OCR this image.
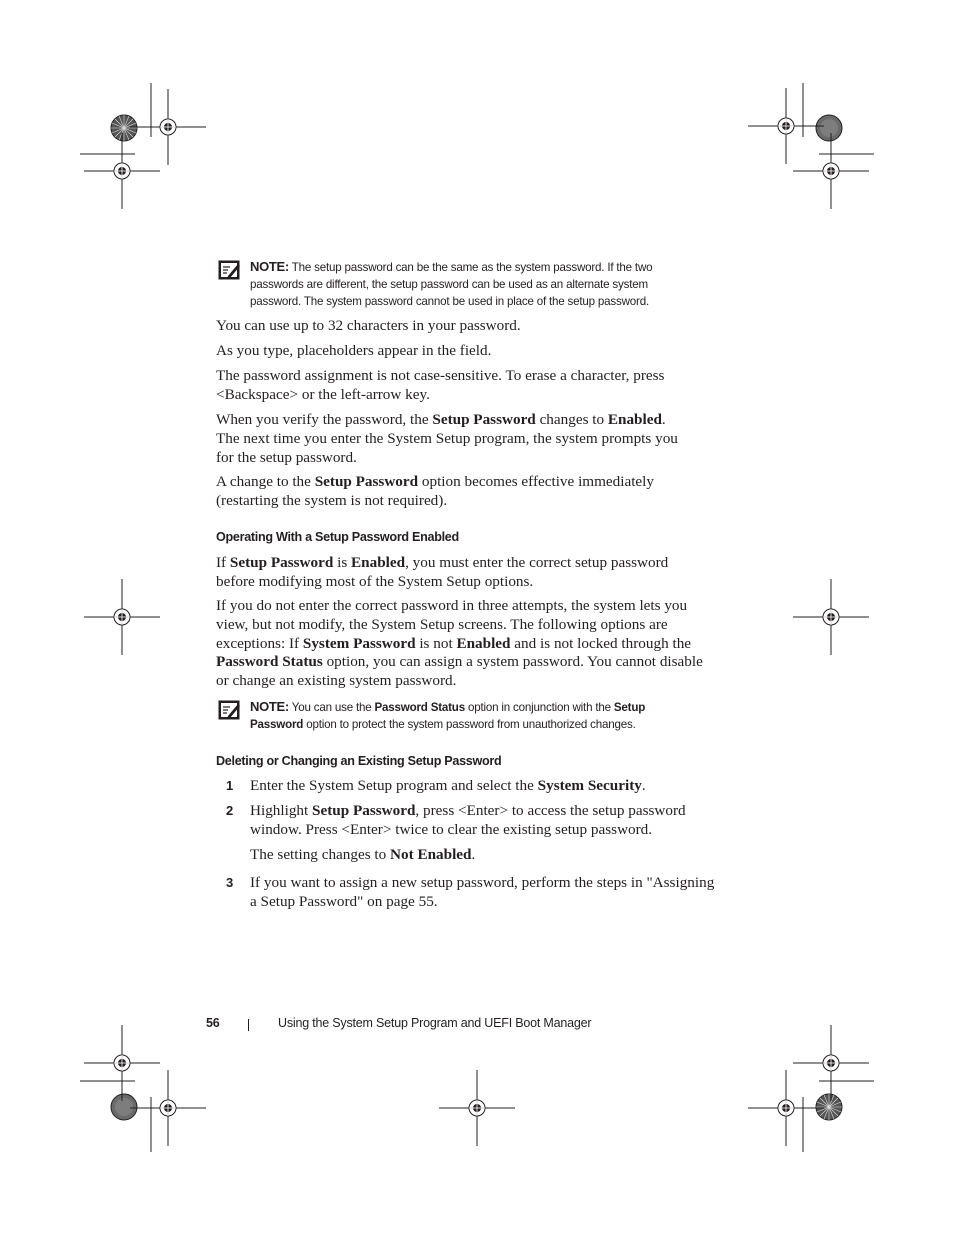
NOTE: The setup password can be the same as the system password. If the two
passwords are different, the setup password can be used as an alternate system
password. The system password cannot be used in place of the setup password.
You can use up to 32 characters in your password.
As you type, placeholders appear in the field.
The password assignment is not case-sensitive. To erase a character, press
<Backspace> or the left-arrow key.
When you verify the password, the Setup Password changes to Enabled.
The next time you enter the System Setup program, the system prompts you
for the setup password.
A change to the Setup Password option becomes effective immediately
(restarting the system is not required).
Operating With a Setup Password Enabled
If Setup Password is Enabled, you must enter the correct setup password
before modifying most of the System Setup options.
If you do not enter the correct password in three attempts, the system lets you
view, but not modify, the System Setup screens. The following options are
exceptions: If System Password is not Enabled and is not locked through the
Password Status option, you can assign a system password. You cannot disable
or change an existing system password.
NOTE: You can use the Password Status option in conjunction with the Setup
Password option to protect the system password from unauthorized changes.
Deleting or Changing an Existing Setup Password
1 Enter the System Setup program and select the System Security.
2 Highlight Setup Password, press <Enter> to access the setup password
window. Press <Enter> twice to clear the existing setup password.
The setting changes to Not Enabled.
3 If you want to assign a new setup password, perform the steps in "Assigning
a Setup Password" on page 55.
56	Using the System Setup Program and UEFI Boot Manager
